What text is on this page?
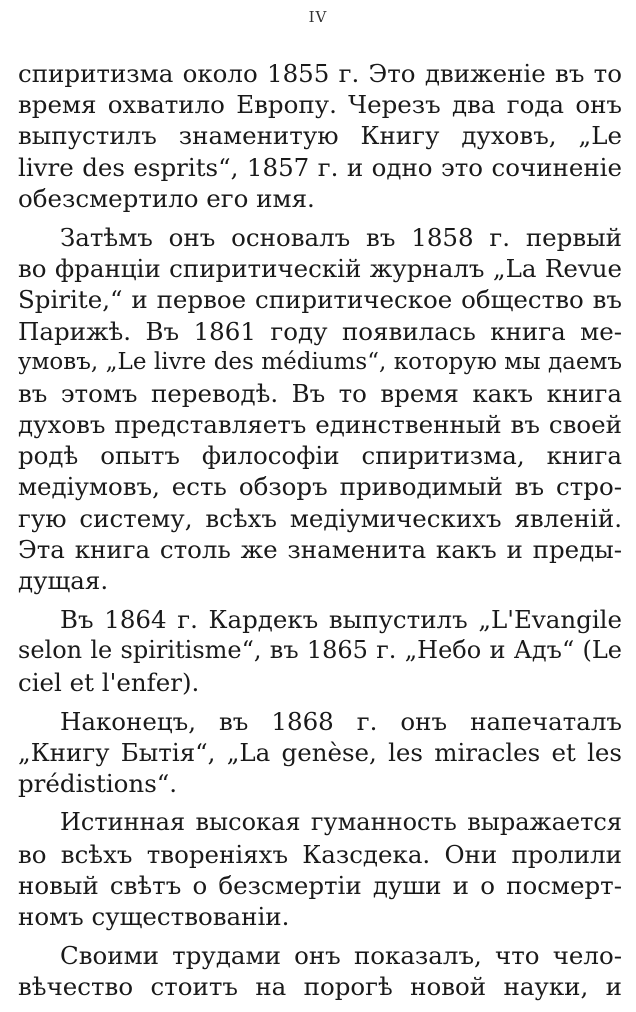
IV
спиритизма около 1855 г. Это движенiе въ то
время охватило Европу. Черезъ два года онъ
выпустилъ знаменитую Книгу духовъ, „Le
livre des esprits“, 1857 г. и одно это сочиненiе
обезсмертило его имя.
Затѣмъ онъ основалъ въ 1858 г. первый
во францiи спиритическiй журналъ „La Revue
Spirite,“ и первое спиритическое общество въ
Парижѣ. Въ 1861 году появилась книга ме-
умовъ, „Le livre des médiums“, которую мы даемъ
въ этомъ переводѣ. Въ то время какъ книга
духовъ представляетъ единственный въ своей
родѣ опытъ философiи спиритизма, книга
медiумовъ, есть обзоръ приводимый въ стро-
гую систему, всѣхъ медiумическихъ явленiй.
Эта книга столь же знаменита какъ и преды-
дущая.
Въ 1864 г. Кардекъ выпустилъ „L'Evangile
selon le spiritisme“, въ 1865 г. „Небо и Адъ“ (Le
ciel et l'enfer).
Наконецъ, въ 1868 г. онъ напечаталъ
„Книгу Бытiя“, „La genèse, les miracles et les
prédistions“.
Истинная высокая гуманность выражается
во всѣхъ творенiяхъ Казсдека. Они пролили
новый свѣтъ о безсмертiи души и о посмерт-
номъ существованiи.
Своими трудами онъ показалъ, что чело-
вѣчество стоитъ на порогѣ новой науки, и
